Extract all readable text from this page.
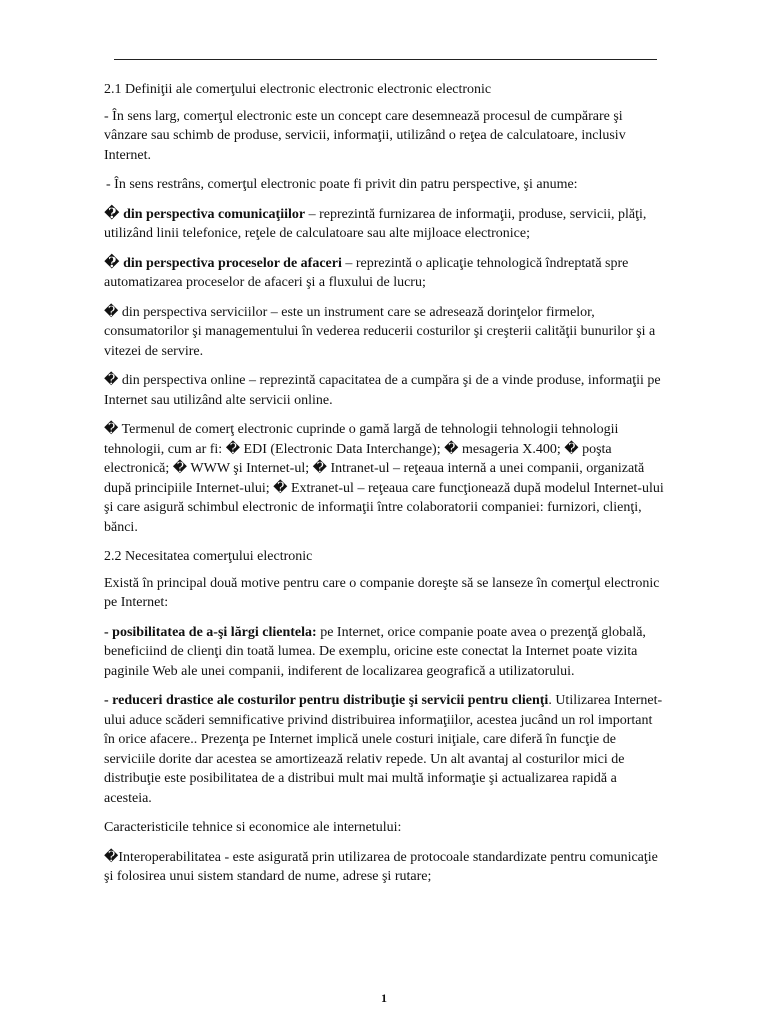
2.1 Definiţii ale comerţului electronic electronic electronic electronic

- În sens larg, comerţul electronic este un concept care desemnează procesul de cumpărare şi vânzare sau schimb de produse, servicii, informaţii, utilizând o reţea de calculatoare, inclusiv Internet.

- În sens restrâns, comerţul electronic poate fi privit din patru perspective, şi anume:

� din perspectiva comunicaţiilor – reprezintă furnizarea de informaţii, produse, servicii, plăţi, utilizând linii telefonice, reţele de calculatoare sau alte mijloace electronice;

� din perspectiva proceselor de afaceri – reprezintă o aplicaţie tehnologică îndreptată spre automatizarea proceselor de afaceri şi a fluxului de lucru;

� din perspectiva serviciilor – este un instrument care se adresează dorinţelor firmelor, consumatorilor şi managementului în vederea reducerii costurilor şi creşterii calităţii bunurilor şi a vitezei de servire.

� din perspectiva online – reprezintă capacitatea de a cumpăra şi de a vinde produse, informaţii pe Internet sau utilizând alte servicii online.

� Termenul de comerţ electronic cuprinde o gamă largă de tehnologii tehnologii tehnologii tehnologii, cum ar fi: � EDI (Electronic Data Interchange); � mesageria X.400; � poşta electronică; � WWW şi Internet-ul; � Intranet-ul – reţeaua internă a unei companii, organizată după principiile Internet-ului; � Extranet-ul – reţeaua care funcţionează după modelul Internet-ului şi care asigură schimbul electronic de informaţii între colaboratorii companiei: furnizori, clienţi, bănci.

2.2 Necesitatea comerţului electronic

Există în principal două motive pentru care o companie doreşte să se lanseze în comerţul electronic pe Internet:

- posibilitatea de a-şi lărgi clientela: pe Internet, orice companie poate avea o prezenţă globală, beneficiind de clienţi din toată lumea. De exemplu, oricine este conectat la Internet poate vizita paginile Web ale unei companii, indiferent de localizarea geografică a utilizatorului.

- reduceri drastice ale costurilor pentru distribuţie şi servicii pentru clienţi. Utilizarea Internet-ului aduce scăderi semnificative privind distribuirea informaţiilor, acestea jucând un rol important în orice afacere.. Prezenţa pe Internet implică unele costuri iniţiale, care diferă în funcţie de serviciile dorite dar acestea se amortizează relativ repede. Un alt avantaj al costurilor mici de distribuţie este posibilitatea de a distribui mult mai multă informaţie şi actualizarea rapidă a acesteia.

Caracteristicile tehnice si economice ale internetului:

�Interoperabilitatea - este asigurată prin utilizarea de protocoale standardizate pentru comunicaţie şi folosirea unui sistem standard de nume, adrese şi rutare;

1
